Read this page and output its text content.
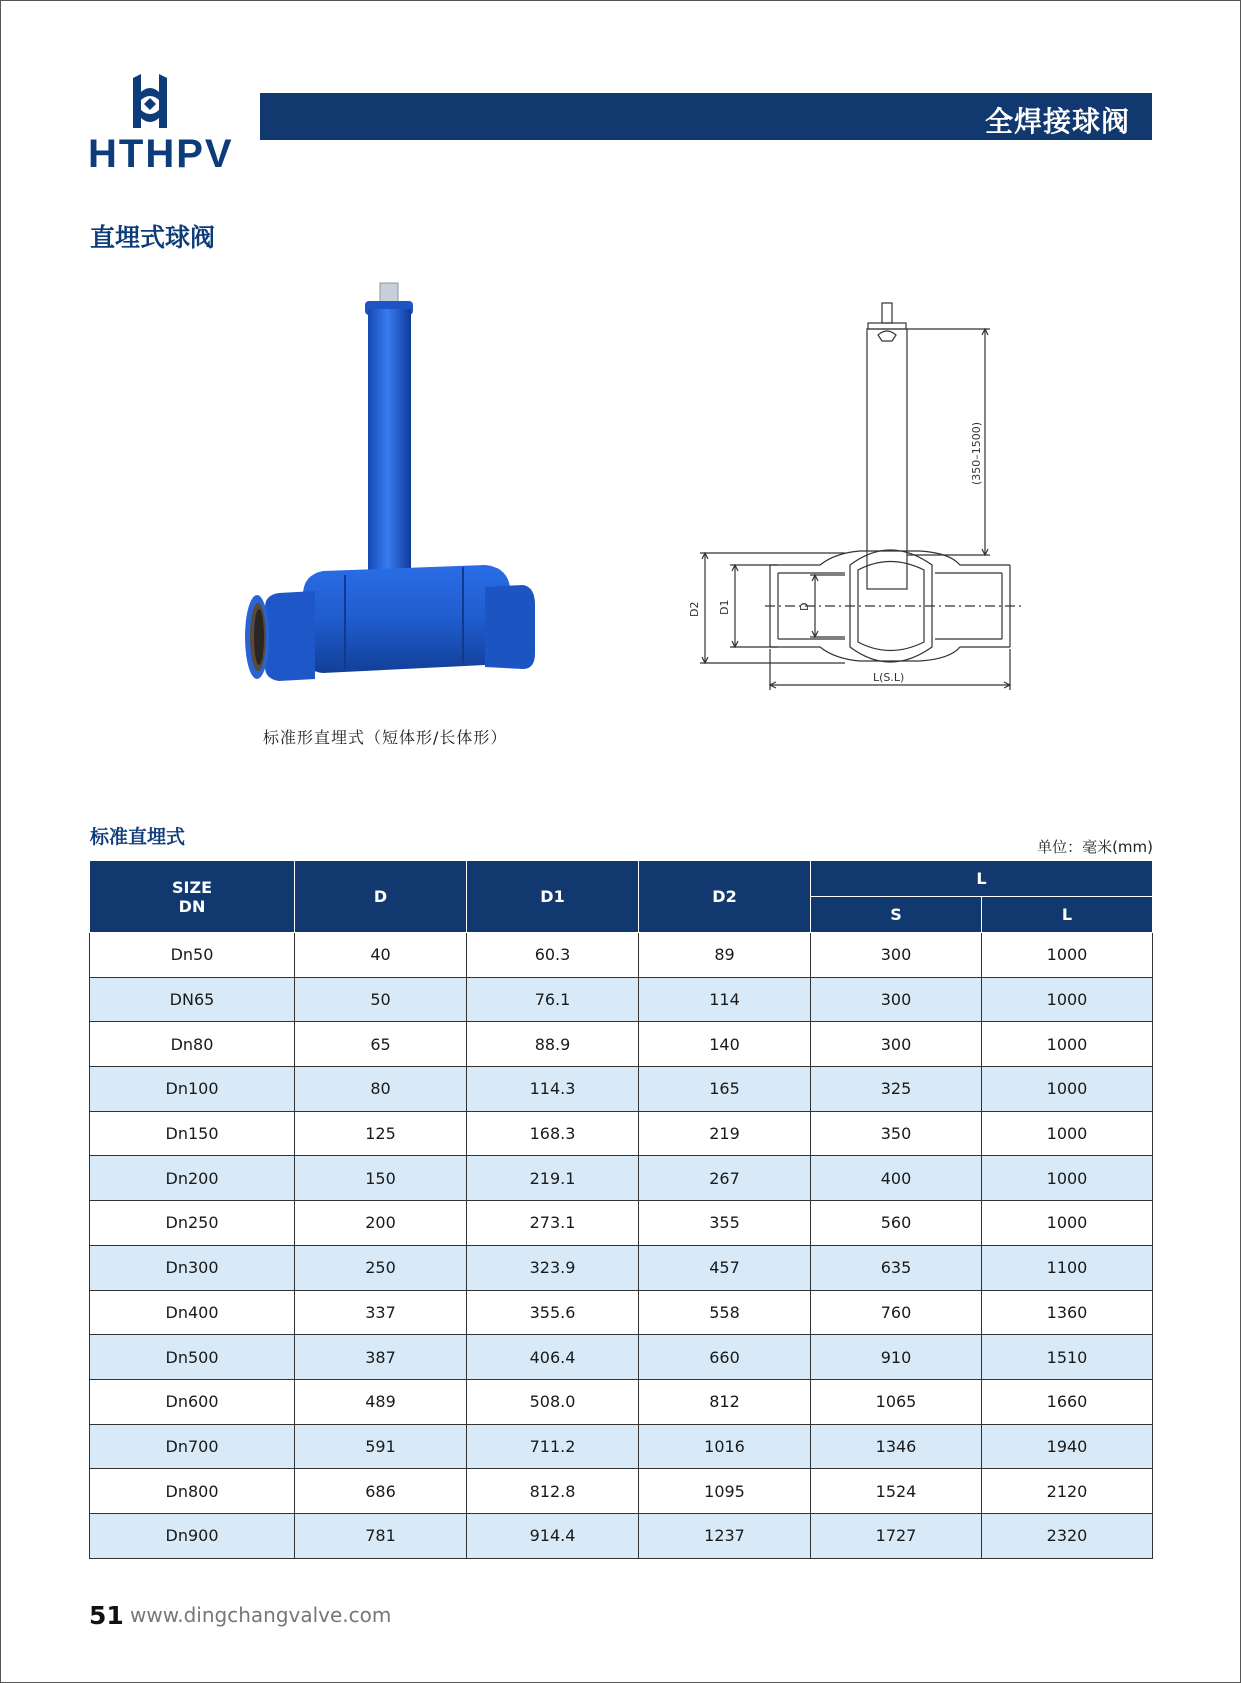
HTHPV
全焊接球阀
直埋式球阀
标准形直埋式（短体形/长体形）
(350–1500)
D2 D1	D
L(S.L)
标准直埋式	单位：毫米(mm)
SIZE
DN	D	D1	D2	L	
				S	L
Dn50	40	60.3	89	300	1000
DN65	50	76.1	114	300	1000
Dn80	65	88.9	140	300	1000
Dn100	80	114.3	165	325	1000
Dn150	125	168.3	219	350	1000
Dn200	150	219.1	267	400	1000
Dn250	200	273.1	355	560	1000
Dn300	250	323.9	457	635	1100
Dn400	337	355.6	558	760	1360
Dn500	387	406.4	660	910	1510
Dn600	489	508.0	812	1065	1660
Dn700	591	711.2	1016	1346	1940
Dn800	686	812.8	1095	1524	2120
Dn900	781	914.4	1237	1727	2320
51 www.dingchangvalve.com
